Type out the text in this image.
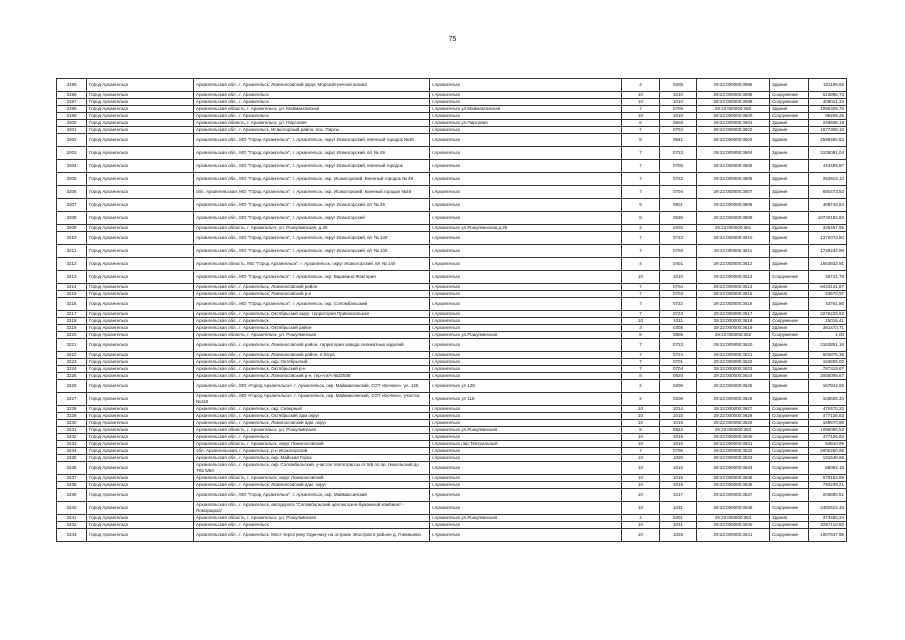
75
3196	Город Архангельск	Архангельская обл., г. Архангельск, Ломоносовский округ, Морской-речной вокзал	г.Архангельск	4	0405	29:22:000000:3596	Здание	161199,65
3196	Город Архангельск	Архангельская обл., г. Архангельск	г.Архангельск	10	1010	29:22:000000:3598	Сооружение	513896,73
3197	Город Архангельск	Архангельская обл., г. Архангельск	г.Архангельск	10	1010	29:22:000000:3599	Сооружение	409041,33
3198	Город Архангельск	Архангельская область, г. Архангельск, ул. Маймаксанская	г.Архангельск ул.Маймаксанская	7	0705	29:22:000000:360	Здание	1096329,70
3199	Город Архангельск	Архангельская обл., г. Архангельск	г.Архангельск	10	1010	29:22:000000:3600	Сооружение	98208,26
3200	Город Архангельск	Архангельская область, г. Архангельск, ул. Пирсовая	г.Архангельск ул.Пирсовая	6	0603	29:22:000000:3601	Здание	249936,19
3201	Город Архангельск	Архангельская обл., г. Архангельск, Исакогорский район, пос. Пирсы	г.Архангельск	7	0704	29:22:000000:3602	Здание	1677308,10
3202	Город Архангельск	Архангельская обл., МО "Город Архангельск", г. Архангельск, округ Исакогорский, военный городок №49	г.Архангельск	8	0841	29:22:000000:3603	Здание	2598460,53
3203	Город Архангельск	Архангельская обл., МО "Город Архангельск", г. Архангельск, округ Исакогорский, в/г № 49	г.Архангельск	7	0723	29:22:000000:3604	Здание	3105091,04
3204	Город Архангельск	Архангельская обл., МО "Город Архангельск", г. Архангельск, округ Исакогорский, военный городок	г.Архангельск	7	0705	29:22:000000:3605	Здание	443459,87
3205	Город Архангельск	Архангельская обл., МО "Город Архангельск", г. Архангельск, окр. Исакогорский, Военный городок № 49	г.Архангельск	7	0722	29:22:000000:3606	Здание	253913,12
3206	Город Архангельск	обл. Архангельская, МО "Город Архангельск", г. Архангельск, окр. Исакогорский, военный городок №49	г.Архангельск	7	0704	29:22:000000:3607	Здание	680473,53
3207	Город Архангельск	Архангельская обл., МО "Город Архангельск", г. Архангельск, округ Исакогорский, в/г № 49	г.Архангельск	9	0901	29:22:000000:3608	Здание	408743,64
3208	Город Архангельск	Архангельская обл., МО "Город Архангельск", г. Архангельск, округ Исакогорский	г.Архангельск	8	0836	29:22:000000:3609	Здание	10740183,83
3209	Город Архангельск	Архангельская область, г. Архангельск, ул. Рошупкинская, д.26	г.Архангельск ул.Рошупкинская,д.26	2	0202	29:22:000000:361	Здание	326457,95
3210	Город Архангельск	Архангельская обл., МО "Город Архангельск", г. Архангельск, округ Исакогорский, в/г № 140	г.Архангельск	7	0723	29:22:000000:3610	Здание	1372073,82
3211	Город Архангельск	Архангельская обл., МО "Город Архангельск", г. Архангельск, округ Исакогорский, в/г № 140	г.Архангельск	7	0703	29:22:000000:3611	Здание	1749234,98
3212	Город Архангельск	Архангельская область, МО "Город Архангельск", г. Архангельск, округ Исакогорский, в/г № 140	г.Архангельск	4	0401	29:22:000000:3612	Здание	1663932,91
3213	Город Архангельск	Архангельская обл., МО "Город Архангельск", г. Архангельск, окр. Варавино-Фактория	г.Архангельск	10	1010	29:22:000000:3613	Сооружение	25741,78
3214	Город Архангельск	Архангельская обл., г. Архангельск, Ломоносовский район	г.Архангельск	7	0704	29:22:000000:3614	Здание	8443141,87
3215	Город Архангельск	Архангельская обл., г. Архангельск, Ломоносовский р-н	г.Архангельск	7	0703	29:22:000000:3615	Здание	23670,97
3216	Город Архангельск	Архангельская обл., МО "Город Архангельск", г. Архангельск, окр. Соломбальский	г.Архангельск	7	0722	29:22:000000:3616	Здание	43761,86
3217	Город Архангельск	Архангельская обл., г. Архангельск, Октябрьский округ, территория Привокзальная	г.Архангельск	7	0723	29:22:000000:3617	Здание	2276229,82
3218	Город Архангельск	Архангельская обл., г. Архангельск	г.Архангельск	10	1011	29:22:000000:3618	Сооружение	15016,41
3219	Город Архангельск	Архангельская обл., г. Архангельск, Октябрьский район	г.Архангельск	3	0305	29:22:000000:3619	Здание	361473,71
3220	Город Архангельск	Архангельская область, г. Архангельск, ул. Рошупкинская	г.Архангельск ул.Рошупкинская	8	0805	29:22:000000:362	Сооружение	1,00
3221	Город Архангельск	Архангельская обл., г. Архангельск, Ломоносовский район, территория завода силикатных изделий	г.Архангельск	7	0723	29:22:000000:3620	Здание	2163851,16
3222	Город Архангельск	Архангельская обл., г. Архангельск, Ломоносовский район, п.Югра	г.Архангельск	7	0724	29:22:000000:3621	Здание	583875,35
3223	Город Архангельск	Архангельская обл., г. Архангельск, окр. Октябрьский	г.Архангельск	7	0701	29:22:000000:3622	Здание	163809,00
3224	Город Архангельск	Архангельская обл., г. Архангельск, Октябрьский р-н	г.Архангельск	7	0704	29:22:000000:3623	Здание	787315,67
3225	Город Архангельск	Архангельская обл., г. Архангельск, Ломоносовский р-н, тер-я в/ч №32548	г.Архангельск	8	0820	29:22:000000:3624	Здание	2055006,67
3226	Город Архангельск	Архангельская обл., МО «Город Архангельск», г. Архангельск, окр. Маймаксанский, СОТ «Бочаги», ул. 128	г.Архангельск ул 128	2	0206	29:22:000000:3625	Здание	167842,65
3227	Город Архангельск	Архангельская обл., МО «Город Архангельск», г. Архангельск, окр. Маймаксанский, СОТ «Бочаги», участок №118	г.Архангельск ул 118	2	0206	29:22:000000:3626	Здание	103608,34
3228	Город Архангельск	Архангельская обл., г. Архангельск, окр. Северный	г.Архангельск	10	1014	29:22:000000:3627	Сооружение	470470,20
3229	Город Архангельск	Архангельская обл., г. Архангельск, Октябрьский адм.округ	г.Архангельск	10	1015	29:22:000000:3628	Сооружение	477126,83
3230	Город Архангельск	Архангельская обл., г. Архангельск, Ломоносовский адм. округ	г.Архангельск	10	1015	29:22:000000:3629	Сооружение	169570,98
3231	Город Архангельск	Архангельская область, г. Архангельск, ул. Рошупкинская	г.Архангельск ул.Рошупкинская	8	0822	29:22:000000:363	Сооружение	1096005,52
3232	Город Архангельск	Архангельская обл., г. Архангельск	г.Архангельск	10	1015	29:22:000000:3630	Сооружение	477126,83
3233	Город Архангельск	Архангельская область, г. Архангельск, округ Ломоносовский	г.Архангельск пер.Театральный	10	1015	29:22:000000:3631	Сооружение	54610,99
3234	Город Архангельск	обл. Архангельская, г. Архангельск, р-н Исакогорский	г.Архангельск	7	0705	29:22:000000:3632	Сооружение	2000260,95
3235	Город Архангельск	Архангельская обл., г. Архангельск, окр. Майская Горка	г.Архангельск	10	1020	29:22:000000:3633	Сооружение	131648,65
3236	Город Архангельск	Архангельская обл., г. Архангельск, окр. Соломбальский, участок теплотрассы от 5/6 по пр. Никольский до ТК5 5/8А	г.Архангельск	10	1015	29:22:000000:3634	Сооружение	68082,19
3237	Город Архангельск	Архангельская область, г. Архангельск, округ Ломоносовский	г.Архангельск	10	1015	29:22:000000:3635	Сооружение	579162,99
3238	Город Архангельск	Архангельская обл., г. Архангельск, Ломоносовский адм. округ	г.Архангельск	10	1015	29:22:000000:3636	Сооружение	793239,21
3239	Город Архангельск	Архангельская обл., МО "Город Архангельск", г. Архангельск, окр. Маймаксанский	г.Архангельск	10	1017	29:22:000000:3637	Сооружение	203690,51
3240	Город Архангельск	Архангельская обл., г. Архангельск, автодорога "Соломбальский целлюлозно-бумажный комбинат - Поморщиха"	г.Архангельск	10	1031	29:22:000000:3639	Сооружение	2482524,46
3241	Город Архангельск	Архангельская область, г. Архангельск, ул. Рошупкинская	г.Архангельск ул.Рошупкинская	4	0401	29:22:000000:364	Здание	373490,24
3242	Город Архангельск	Архангельская обл., г. Архангельск	г.Архангельск	10	1031	29:22:000000:3640	Сооружение	5257110,80
3243	Город Архангельск	Архангельская обл., г. Архангельск, Мост через реку Одинчиху на острове Экостров в районе д. Гневашево	г.Архангельск	10	1025	29:22:000000:3641	Сооружение	1007647,96
